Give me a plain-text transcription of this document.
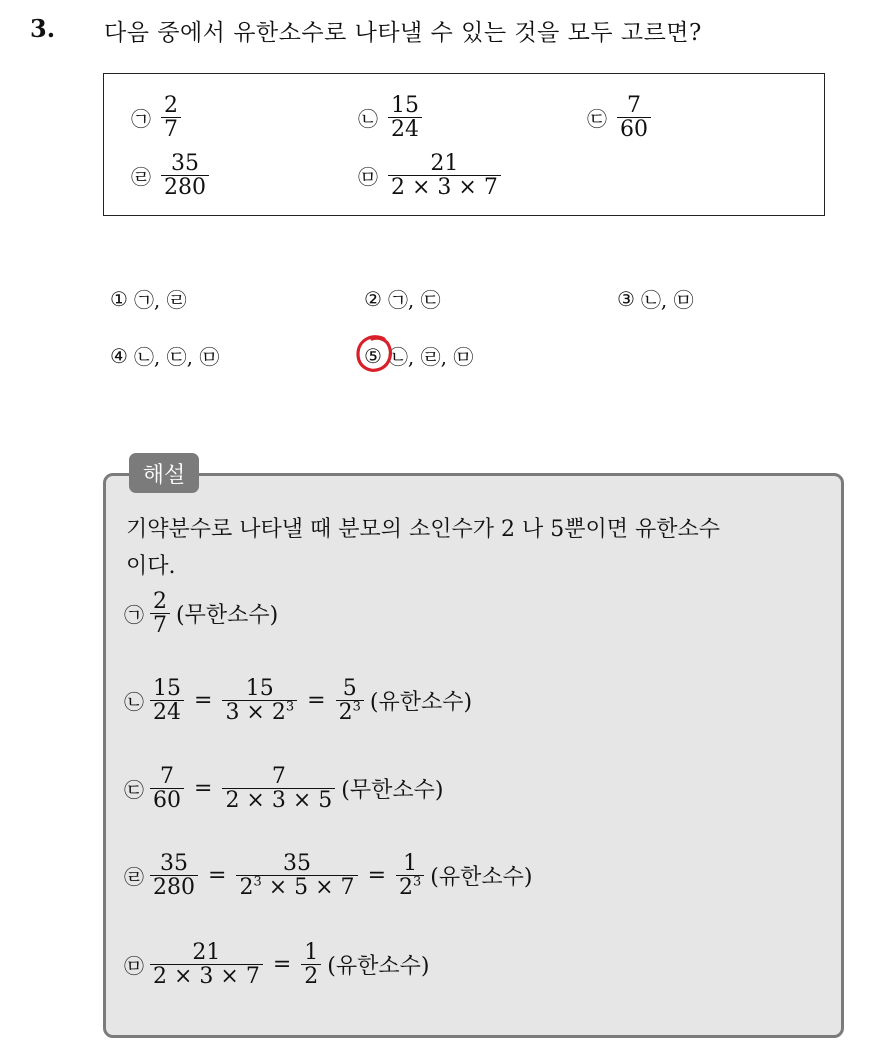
3. 다음 중에서 유한소수로 나타낼 수 있는 것을 모두 고르면?
㉠ $\frac{2}{7}$	㉡ $\frac{15}{24}$	㉢ $\frac{7}{60}$
㉣ $\frac{35}{280}$	㉤ $\frac{21}{2 \times 3 \times 7}$
① ㉠, ㉣	② ㉠, ㉢	③ ㉡, ㉤
④ ㉡, ㉢, ㉤	⑤ ㉡, ㉣, ㉤
해설
기약분수로 나타낼 때 분모의 소인수가 2 나 5뿐이면 유한소수
이다.
㉠ $\frac{2}{7}$ (무한소수)
㉡ $\frac{15}{24} = \frac{15}{3 \times 2^3} = \frac{5}{2^3}$ (유한소수)
㉢ $\frac{7}{60} = \frac{7}{2 \times 3 \times 5}$ (무한소수)
㉣ $\frac{35}{280} = \frac{35}{2^3 \times 5 \times 7} = \frac{1}{2^3}$ (유한소수)
㉤ $\frac{21}{2 \times 3 \times 7} = \frac{1}{2}$ (유한소수)
